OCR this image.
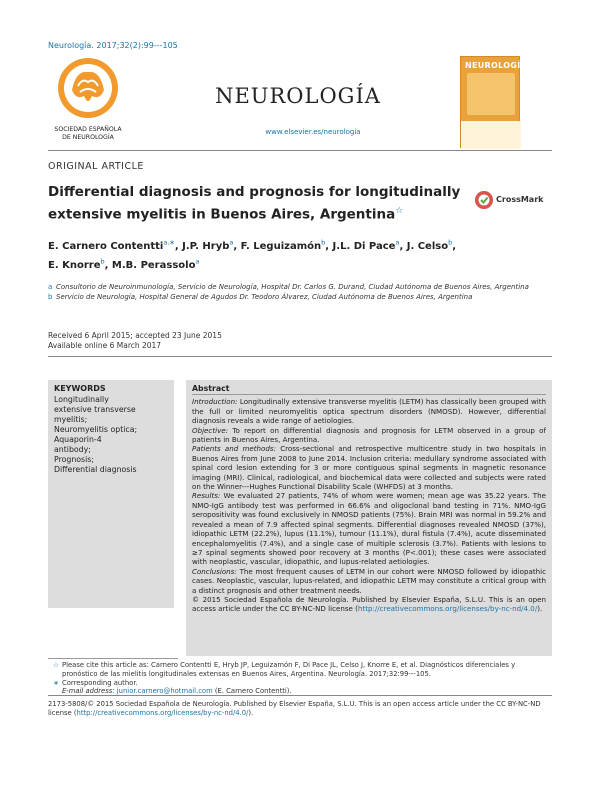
Neurología. 2017;32(2):99---105
SOCIEDAD ESPAÑOLA
DE NEUROLOGÍA
NEUROLOGÍA
www.elsevier.es/neurologia
NEUROLOGÍA
ORIGINAL ARTICLE
Differential diagnosis and prognosis for longitudinally extensive myelitis in Buenos Aires, Argentina☆
CrossMark
E. Carnero Contentti$^{a,∗}$, J.P. Hryb$^a$, F. Leguizamón$^b$, J.L. Di Pace$^a$, J. Celso$^b$,
E. Knorre$^b$, M.B. Perassolo$^a$
a Consultorio de Neuroinmunología, Servicio de Neurología, Hospital Dr. Carlos G. Durand, Ciudad Autónoma de Buenos Aires, Argentina
b Servicio de Neurología, Hospital General de Agudos Dr. Teodoro Álvarez, Ciudad Autónoma de Buenos Aires, Argentina
Received 6 April 2015; accepted 23 June 2015
Available online 6 March 2017
KEYWORDS
Longitudinally
extensive transverse
myelitis;
Neuromyelitis optica;
Aquaporin-4
antibody;
Prognosis;
Differential diagnosis
Abstract
Introduction: Longitudinally extensive transverse myelitis (LETM) has classically been grouped with the full or limited neuromyelitis optica spectrum disorders (NMOSD). However, differential diagnosis reveals a wide range of aetiologies.
Objective: To report on differential diagnosis and prognosis for LETM observed in a group of patients in Buenos Aires, Argentina.
Patients and methods: Cross-sectional and retrospective multicentre study in two hospitals in Buenos Aires from June 2008 to June 2014. Inclusion criteria: medullary syndrome associated with spinal cord lesion extending for 3 or more contiguous spinal segments in magnetic resonance imaging (MRI). Clinical, radiological, and biochemical data were collected and subjects were rated on the Winner---Hughes Functional Disability Scale (WHFDS) at 3 months.
Results: We evaluated 27 patients, 74% of whom were women; mean age was 35.22 years. The NMO-IgG antibody test was performed in 66.6% and oligoclonal band testing in 71%. NMO-IgG seropositivity was found exclusively in NMOSD patients (75%). Brain MRI was normal in 59.2% and revealed a mean of 7.9 affected spinal segments. Differential diagnoses revealed NMOSD (37%), idiopathic LETM (22.2%), lupus (11.1%), tumour (11.1%), dural fistula (7.4%), acute disseminated encephalomyelitis (7.4%), and a single case of multiple sclerosis (3.7%). Patients with lesions to ≥7 spinal segments showed poor recovery at 3 months (P<.001); these cases were associated with neoplastic, vascular, idiopathic, and lupus-related aetiologies.
Conclusions: The most frequent causes of LETM in our cohort were NMOSD followed by idiopathic cases. Neoplastic, vascular, lupus-related, and idiopathic LETM may constitute a critical group with a distinct prognosis and other treatment needs.
© 2015 Sociedad Española de Neurología. Published by Elsevier España, S.L.U. This is an open access article under the CC BY-NC-ND license (http://creativecommons.org/licenses/by-nc-nd/4.0/).
☆ Please cite this article as: Carnero Contentti E, Hryb JP, Leguizamón F, Di Pace JL, Celso J, Knorre E, et al. Diagnósticos diferenciales y pronóstico de las mielitis longitudinales extensas en Buenos Aires, Argentina. Neurología. 2017;32:99---105.
∗ Corresponding author.
E-mail address: junior.carnero@hotmail.com (E. Carnero Contentti).
2173-5808/© 2015 Sociedad Española de Neurología. Published by Elsevier España, S.L.U. This is an open access article under the CC BY-NC-ND license (http://creativecommons.org/licenses/by-nc-nd/4.0/).
